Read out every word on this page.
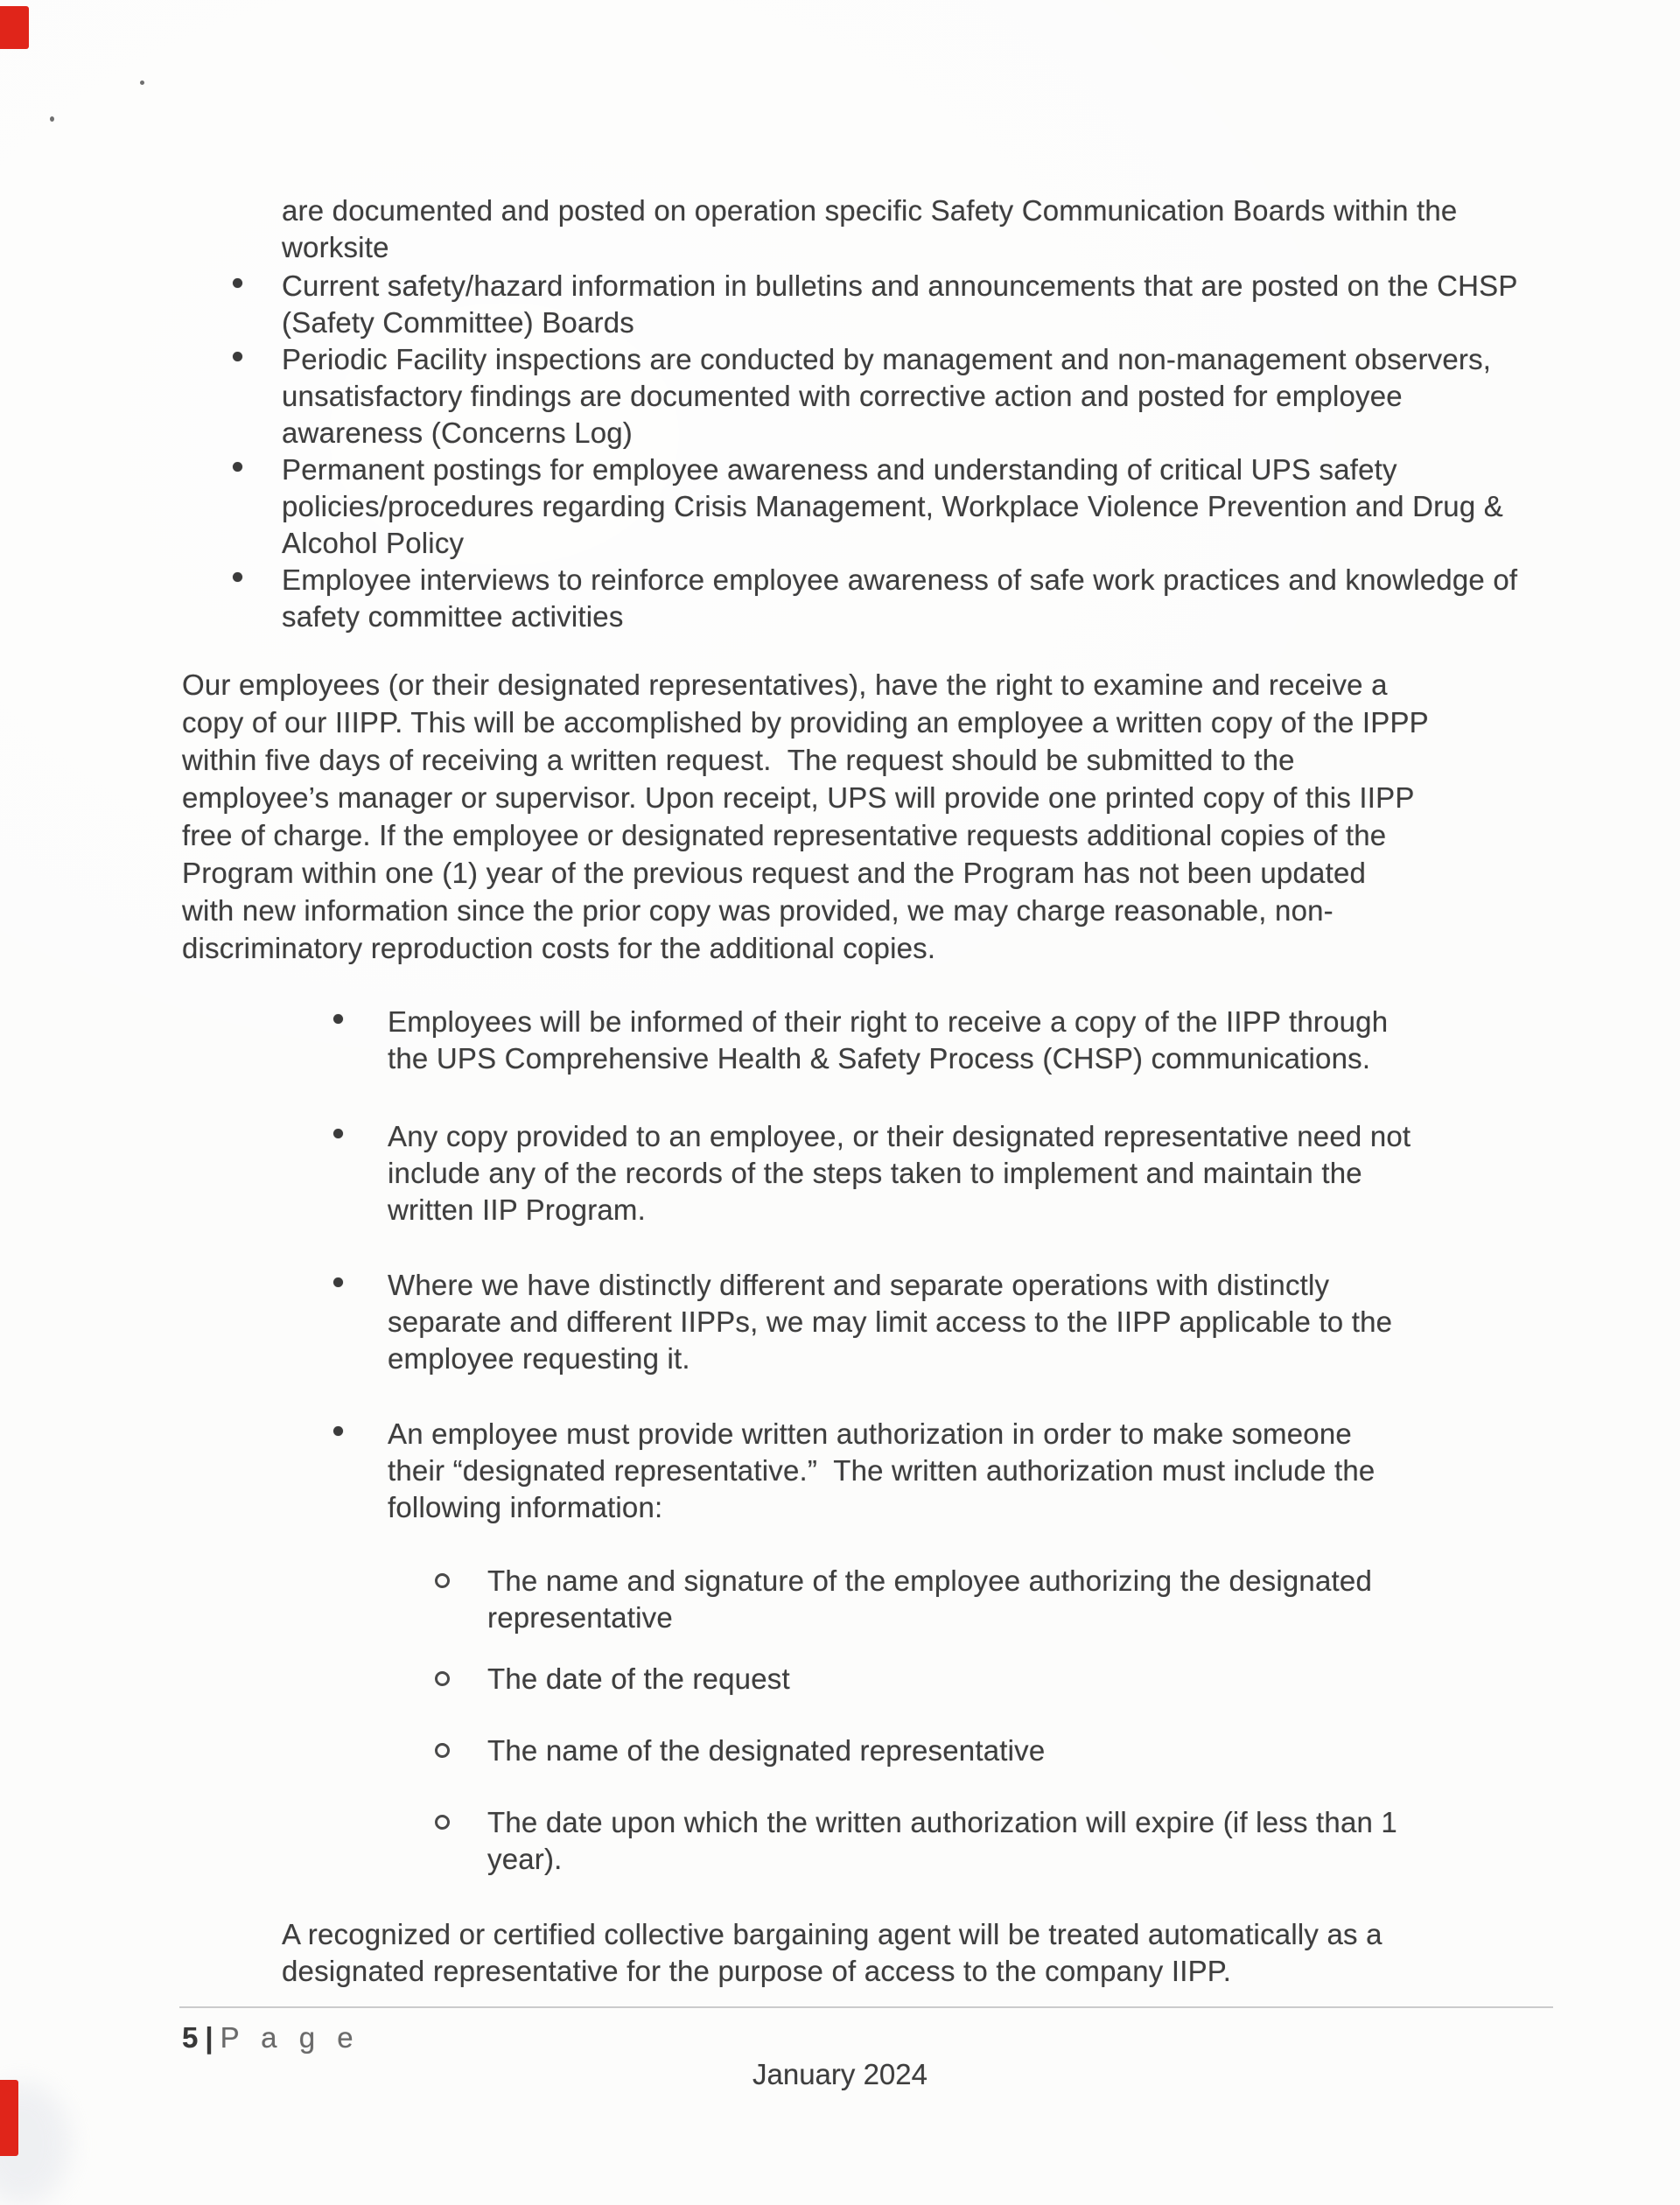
are documented and posted on operation specific Safety Communication Boards within the
worksite
Current safety/hazard information in bulletins and announcements that are posted on the CHSP
(Safety Committee) Boards
Periodic Facility inspections are conducted by management and non-management observers,
unsatisfactory findings are documented with corrective action and posted for employee
awareness (Concerns Log)
Permanent postings for employee awareness and understanding of critical UPS safety
policies/procedures regarding Crisis Management, Workplace Violence Prevention and Drug &
Alcohol Policy
Employee interviews to reinforce employee awareness of safe work practices and knowledge of
safety committee activities
Our employees (or their designated representatives), have the right to examine and receive a
copy of our IIIPP. This will be accomplished by providing an employee a written copy of the IPPP
within five days of receiving a written request.  The request should be submitted to the
employee’s manager or supervisor. Upon receipt, UPS will provide one printed copy of this IIPP
free of charge. If the employee or designated representative requests additional copies of the
Program within one (1) year of the previous request and the Program has not been updated
with new information since the prior copy was provided, we may charge reasonable, non-
discriminatory reproduction costs for the additional copies.
Employees will be informed of their right to receive a copy of the IIPP through
the UPS Comprehensive Health & Safety Process (CHSP) communications.
Any copy provided to an employee, or their designated representative need not
include any of the records of the steps taken to implement and maintain the
written IIP Program.
Where we have distinctly different and separate operations with distinctly
separate and different IIPPs, we may limit access to the IIPP applicable to the
employee requesting it.
An employee must provide written authorization in order to make someone
their “designated representative.”  The written authorization must include the
following information:
The name and signature of the employee authorizing the designated
representative
The date of the request
The name of the designated representative
The date upon which the written authorization will expire (if less than 1
year).
A recognized or certified collective bargaining agent will be treated automatically as a
designated representative for the purpose of access to the company IIPP.
5 | P a g e
January 2024
